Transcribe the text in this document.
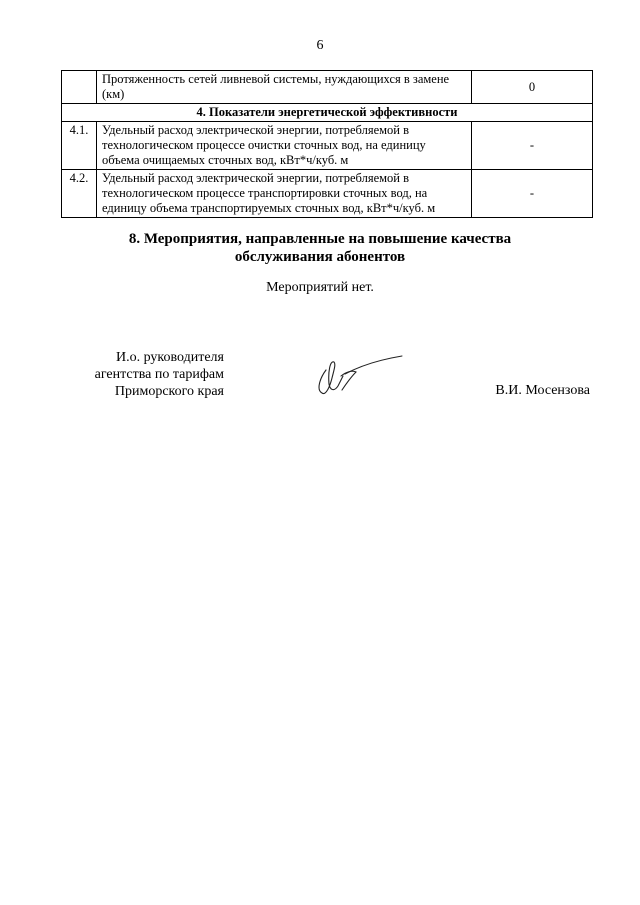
6
	Протяженность сетей ливневой системы, нуждающихся в замене (км)	0
4. Показатели энергетической эффективности		
4.1.	Удельный расход электрической энергии, потребляемой в технологическом процессе очистки сточных вод, на единицу объема очищаемых сточных вод, кВт*ч/куб. м	-
4.2.	Удельный расход электрической энергии, потребляемой в технологическом процессе транспортировки сточных вод, на единицу объема транспортируемых сточных вод, кВт*ч/куб. м	-
8. Мероприятия, направленные на повышение качества
обслуживания абонентов
Мероприятий нет.
И.о. руководителя
агентства по тарифам
Приморского края	В.И. Мосензова
